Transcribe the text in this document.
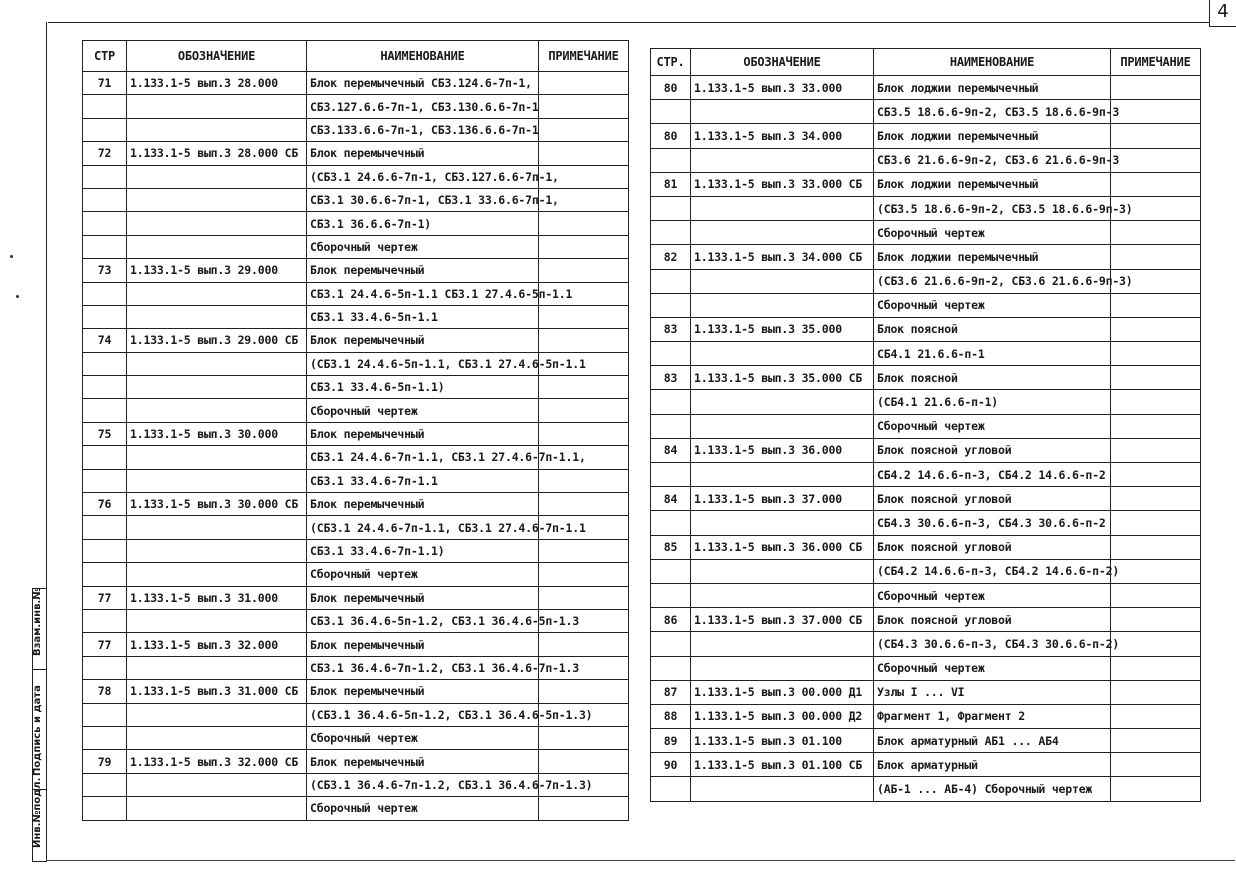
4
Взам.инв.№
Подпись и дата
Инв.№подл.
СТР	ОБОЗНАЧЕНИЕ	НАИМЕНОВАНИЕ	ПРИМЕЧАНИЕ
71	1.133.1-5 вып.3 28.000	Блок перемычечный СБ3.124.6-7п-1,	
		СБ3.127.6.6-7п-1, СБ3.130.6.6-7п-1	
		СБ3.133.6.6-7п-1, СБ3.136.6.6-7п-1	
72	1.133.1-5 вып.3 28.000 СБ	Блок перемычечный	
		(СБ3.1 24.6.6-7п-1, СБ3.127.6.6-7п-1,	
		СБ3.1 30.6.6-7п-1, СБ3.1 33.6.6-7п-1,	
		СБ3.1 36.6.6-7п-1)	
		Сборочный чертеж	
73	1.133.1-5 вып.3 29.000	Блок перемычечный	
		СБ3.1 24.4.6-5п-1.1 СБ3.1 27.4.6-5п-1.1	
		СБ3.1 33.4.6-5п-1.1	
74	1.133.1-5 вып.3 29.000 СБ	Блок перемычечный	
		(СБ3.1 24.4.6-5п-1.1, СБ3.1 27.4.6-5п-1.1	
		СБ3.1 33.4.6-5п-1.1)	
		Сборочный чертеж	
75	1.133.1-5 вып.3 30.000	Блок перемычечный	
		СБ3.1 24.4.6-7п-1.1, СБ3.1 27.4.6-7п-1.1,	
		СБ3.1 33.4.6-7п-1.1	
76	1.133.1-5 вып.3 30.000 СБ	Блок перемычечный	
		(СБ3.1 24.4.6-7п-1.1, СБ3.1 27.4.6-7п-1.1	
		СБ3.1 33.4.6-7п-1.1)	
		Сборочный чертеж	
77	1.133.1-5 вып.3 31.000	Блок перемычечный	
		СБ3.1 36.4.6-5п-1.2, СБ3.1 36.4.6-5п-1.3	
77	1.133.1-5 вып.3 32.000	Блок перемычечный	
		СБ3.1 36.4.6-7п-1.2, СБ3.1 36.4.6-7п-1.3	
78	1.133.1-5 вып.3 31.000 СБ	Блок перемычечный	
		(СБ3.1 36.4.6-5п-1.2, СБ3.1 36.4.6-5п-1.3)	
		Сборочный чертеж	
79	1.133.1-5 вып.3 32.000 СБ	Блок перемычечный	
		(СБ3.1 36.4.6-7п-1.2, СБ3.1 36.4.6-7п-1.3)	
		Сборочный чертеж	
СТР.	ОБОЗНАЧЕНИЕ	НАИМЕНОВАНИЕ	ПРИМЕЧАНИЕ
80	1.133.1-5 вып.3 33.000	Блок лоджии перемычечный	
		СБ3.5 18.6.6-9п-2, СБ3.5 18.6.6-9п-3	
80	1.133.1-5 вып.3 34.000	Блок лоджии перемычечный	
		СБ3.6 21.6.6-9п-2, СБ3.6 21.6.6-9п-3	
81	1.133.1-5 вып.3 33.000 СБ	Блок лоджии перемычечный	
		(СБ3.5 18.6.6-9п-2, СБ3.5 18.6.6-9п-3)	
		Сборочный чертеж	
82	1.133.1-5 вып.3 34.000 СБ	Блок лоджии перемычечный	
		(СБ3.6 21.6.6-9п-2, СБ3.6 21.6.6-9п-3)	
		Сборочный чертеж	
83	1.133.1-5 вып.3 35.000	Блок поясной	
		СБ4.1 21.6.6-п-1	
83	1.133.1-5 вып.3 35.000 СБ	Блок поясной	
		(СБ4.1 21.6.6-п-1)	
		Сборочный чертеж	
84	1.133.1-5 вып.3 36.000	Блок поясной угловой	
		СБ4.2 14.6.6-п-3, СБ4.2 14.6.6-п-2	
84	1.133.1-5 вып.3 37.000	Блок поясной угловой	
		СБ4.3 30.6.6-п-3, СБ4.3 30.6.6-п-2	
85	1.133.1-5 вып.3 36.000 СБ	Блок поясной угловой	
		(СБ4.2 14.6.6-п-3, СБ4.2 14.6.6-п-2)	
		Сборочный чертеж	
86	1.133.1-5 вып.3 37.000 СБ	Блок поясной угловой	
		(СБ4.3 30.6.6-п-3, СБ4.3 30.6.6-п-2)	
		Сборочный чертеж	
87	1.133.1-5 вып.3 00.000 Д1	Узлы I ... VI	
88	1.133.1-5 вып.3 00.000 Д2	Фрагмент 1, Фрагмент 2	
89	1.133.1-5 вып.3 01.100	Блок арматурный АБ1 ... АБ4	
90	1.133.1-5 вып.3 01.100 СБ	Блок арматурный	
		(АБ-1 ... АБ-4) Сборочный чертеж	
